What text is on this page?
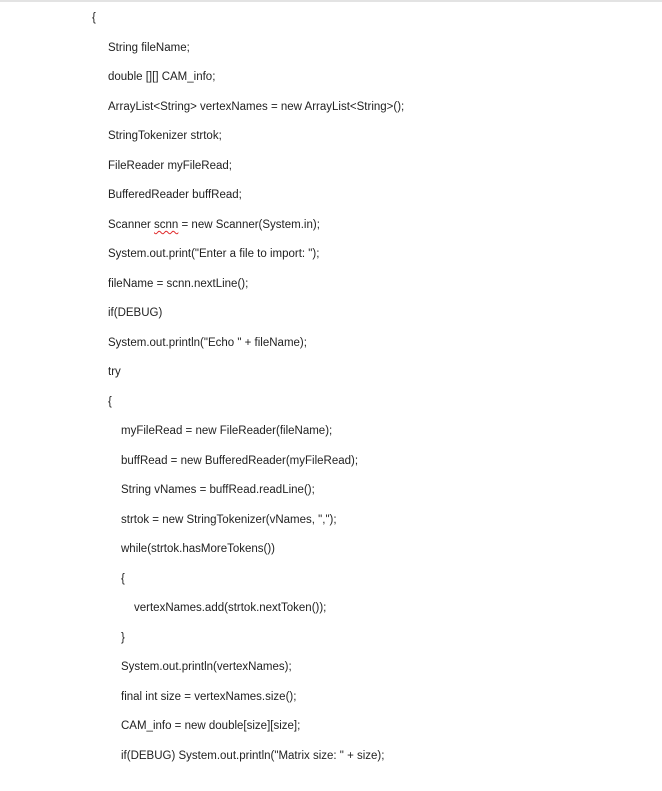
{
String fileName;
double [][] CAM_info;
ArrayList<String> vertexNames = new ArrayList<String>();
StringTokenizer strtok;
FileReader myFileRead;
BufferedReader buffRead;
Scanner scnn = new Scanner(System.in);
System.out.print("Enter a file to import: ");
fileName = scnn.nextLine();
if(DEBUG)
System.out.println("Echo " + fileName);
try
{
myFileRead = new FileReader(fileName);
buffRead = new BufferedReader(myFileRead);
String vNames = buffRead.readLine();
strtok = new StringTokenizer(vNames, ",");
while(strtok.hasMoreTokens())
{
vertexNames.add(strtok.nextToken());
}
System.out.println(vertexNames);
final int size = vertexNames.size();
CAM_info = new double[size][size];
if(DEBUG) System.out.println("Matrix size: " + size);
